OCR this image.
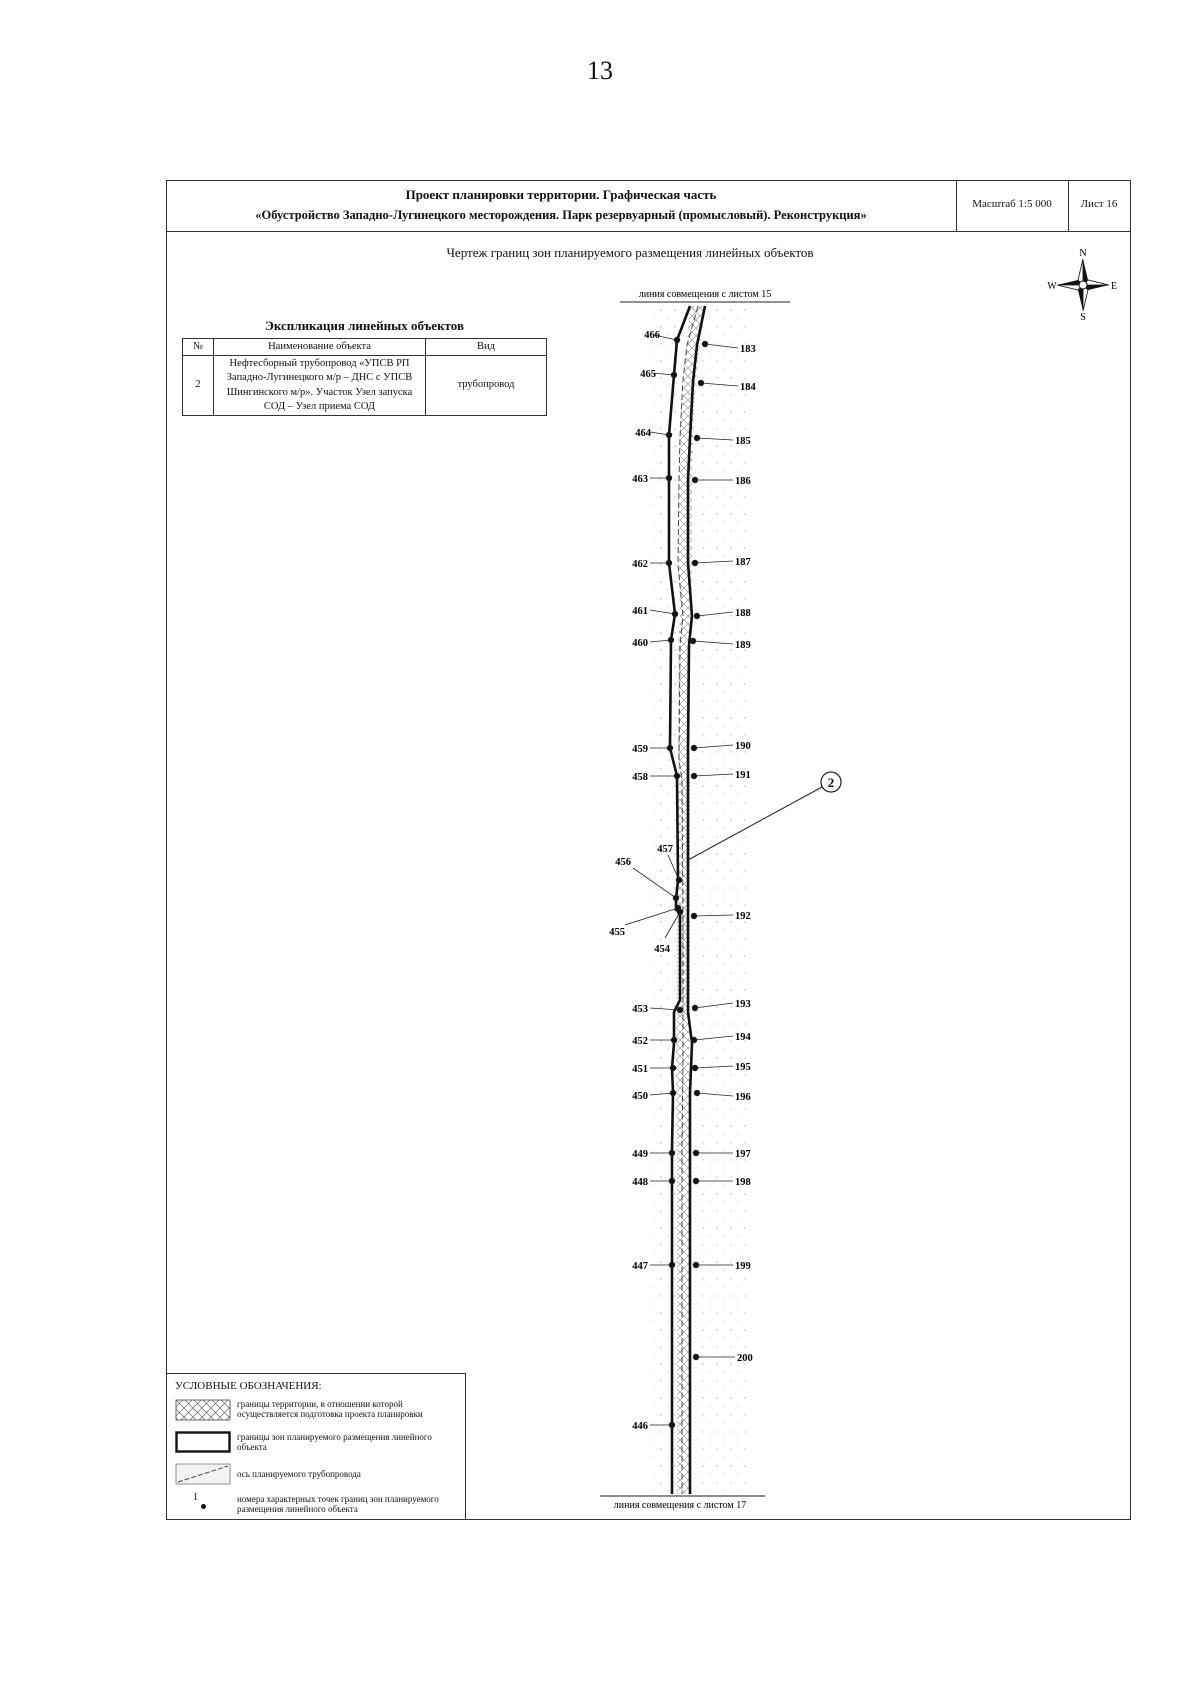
13
Проект планировки территории. Графическая часть
«Обустройство Западно-Лугинецкого месторождения. Парк резервуарный (промысловый). Реконструкция»
Масштаб 1:5 000	Лист 16
Чертеж границ зон планируемого размещения линейных объектов
Экспликация линейных объектов
№	Наименование объекта	Вид
2	Нефтесборный трубопровод «УПСВ РП Западно-Лугинецкого м/р – ДНС с УПСВ Шингинского м/р». Участок Узел запуска СОД – Узел приема СОД	трубопровод
линия совмещения с листом 15
линия совмещения с листом 17
466
465
464
463
462
461
460
459
458
457
456
455
454
453
452
451
450
449
448
447
446
183
184
185
186
187
188
189
190
191
192
193
194
195
196
197
198
199
200
2
N
S
E
W
УСЛОВНЫЕ ОБОЗНАЧЕНИЯ:
границы территории, в отношении которой осуществляется подготовка проекта планировки
границы зон планируемого размещения линейного объекта
ось планируемого трубопровода
1	номера характерных точек границ зон планируемого размещения линейного объекта
